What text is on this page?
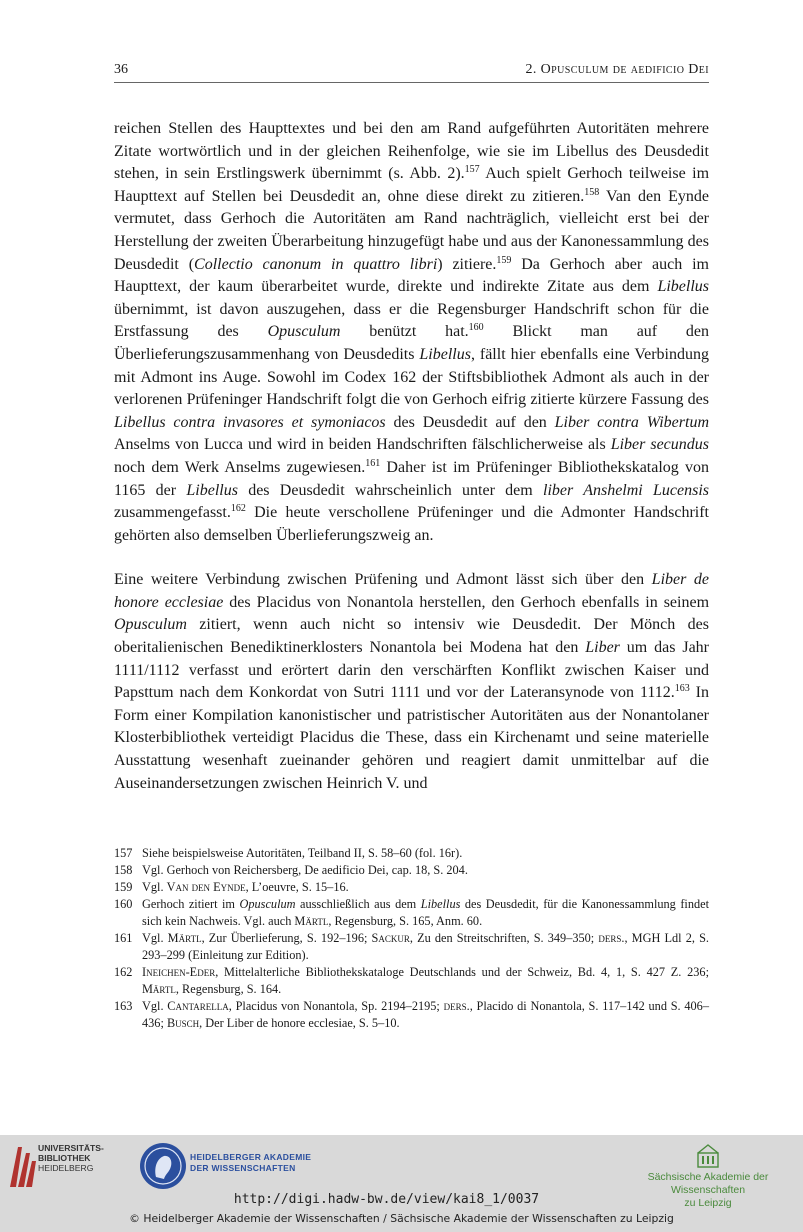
36	2. Opusculum de aedificio Dei

reichen Stellen des Haupttextes und bei den am Rand aufgeführten Autoritäten mehrere Zitate wortwörtlich und in der gleichen Reihenfolge, wie sie im Libellus des Deusdedit stehen, in sein Erstlingswerk übernimmt (s. Abb. 2).$^{157}$ Auch spielt Gerhoch teilweise im Haupttext auf Stellen bei Deusdedit an, ohne diese direkt zu zitieren.$^{158}$ Van den Eynde vermutet, dass Gerhoch die Autoritäten am Rand nachträglich, vielleicht erst bei der Herstellung der zweiten Überarbeitung hinzugefügt habe und aus der Kanonessammlung des Deusdedit (Collectio canonum in quattro libri) zitiere.$^{159}$ Da Gerhoch aber auch im Haupttext, der kaum überarbeitet wurde, direkte und indirekte Zitate aus dem Libellus übernimmt, ist davon auszugehen, dass er die Regensburger Handschrift schon für die Erstfassung des Opusculum benützt hat.$^{160}$ Blickt man auf den Überlieferungszusammenhang von Deusdedits Libellus, fällt hier ebenfalls eine Verbindung mit Admont ins Auge. Sowohl im Codex 162 der Stiftsbibliothek Admont als auch in der verlorenen Prüfeninger Handschrift folgt die von Gerhoch eifrig zitierte kürzere Fassung des Libellus contra invasores et symoniacos des Deusdedit auf den Liber contra Wibertum Anselms von Lucca und wird in beiden Handschriften fälschlicherweise als Liber secundus noch dem Werk Anselms zugewiesen.$^{161}$ Daher ist im Prüfeninger Bibliothekskatalog von 1165 der Libellus des Deusdedit wahrscheinlich unter dem liber Anshelmi Lucensis zusammengefasst.$^{162}$ Die heute verschollene Prüfeninger und die Admonter Handschrift gehörten also demselben Überlieferungszweig an.

Eine weitere Verbindung zwischen Prüfening und Admont lässt sich über den Liber de honore ecclesiae des Placidus von Nonantola herstellen, den Gerhoch ebenfalls in seinem Opusculum zitiert, wenn auch nicht so intensiv wie Deusdedit. Der Mönch des oberitalienischen Benediktinerklosters Nonantola bei Modena hat den Liber um das Jahr 1111/1112 verfasst und erörtert darin den verschärften Konflikt zwischen Kaiser und Papsttum nach dem Konkordat von Sutri 1111 und vor der Lateransynode von 1112.$^{163}$ In Form einer Kompilation kanonistischer und patristischer Autoritäten aus der Nonantolaner Klosterbibliothek verteidigt Placidus die These, dass ein Kirchenamt und seine materielle Ausstattung wesenhaft zueinander gehören und reagiert damit unmittelbar auf die Auseinandersetzungen zwischen Heinrich V. und

157 Siehe beispielsweise Autoritäten, Teilband II, S. 58–60 (fol. 16r).
158 Vgl. Gerhoch von Reichersberg, De aedificio Dei, cap. 18, S. 204.
159 Vgl. Van den Eynde, L’oeuvre, S. 15–16.
160 Gerhoch zitiert im Opusculum ausschließlich aus dem Libellus des Deusdedit, für die Kanonessammlung findet sich kein Nachweis. Vgl. auch Märtl, Regensburg, S. 165, Anm. 60.
161 Vgl. Märtl, Zur Überlieferung, S. 192–196; Sackur, Zu den Streitschriften, S. 349–350; ders., MGH Ldl 2, S. 293–299 (Einleitung zur Edition).
162 Ineichen-Eder, Mittelalterliche Bibliothekskataloge Deutschlands und der Schweiz, Bd. 4, 1, S. 427 Z. 236; Märtl, Regensburg, S. 164.
163 Vgl. Cantarella, Placidus von Nonantola, Sp. 2194–2195; ders., Placido di Nonantola, S. 117–142 und S. 406–436; Busch, Der Liber de honore ecclesiae, S. 5–10.
UNIVERSITÄTS-
BIBLIOTHEK
HEIDELBERG
HEIDELBERGER AKADEMIE
DER WISSENSCHAFTEN
Sächsische Akademie der Wissenschaften
zu Leipzig
http://digi.hadw-bw.de/view/kai8_1/0037
© Heidelberger Akademie der Wissenschaften / Sächsische Akademie der Wissenschaften zu Leipzig
